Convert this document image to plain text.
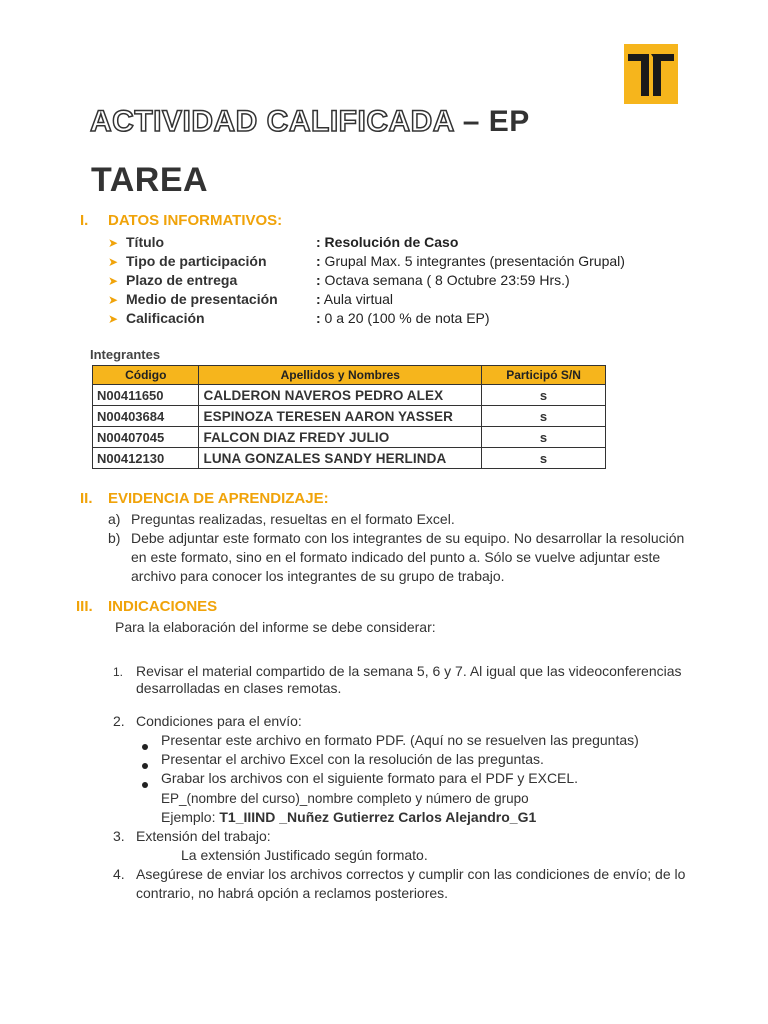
ACTIVIDAD CALIFICADA – EP
TAREA
I. DATOS INFORMATIVOS:
➤ Título	: Resolución de Caso
➤ Tipo de participación	: Grupal Max. 5 integrantes (presentación Grupal)
➤ Plazo de entrega	: Octava semana ( 8 Octubre 23:59 Hrs.)
➤ Medio de presentación	: Aula virtual
➤ Calificación	: 0 a 20 (100 % de nota EP)
Integrantes
Código	Apellidos y Nombres	Participó S/N
N00411650	CALDERON NAVEROS PEDRO ALEX	s
N00403684	ESPINOZA TERESEN AARON YASSER	s
N00407045	FALCON DIAZ FREDY JULIO	s
N00412130	LUNA GONZALES SANDY HERLINDA	s
II. EVIDENCIA DE APRENDIZAJE:
a) Preguntas realizadas, resueltas en el formato Excel.
b) Debe adjuntar este formato con los integrantes de su equipo. No desarrollar la resolución
en este formato, sino en el formato indicado del punto a. Sólo se vuelve adjuntar este
archivo para conocer los integrantes de su grupo de trabajo.
III. INDICACIONES
Para la elaboración del informe se debe considerar:
1. Revisar el material compartido de la semana 5, 6 y 7. Al igual que las videoconferencias
desarrolladas en clases remotas.
2. Condiciones para el envío:
Presentar este archivo en formato PDF. (Aquí no se resuelven las preguntas)
Presentar el archivo Excel con la resolución de las preguntas.
Grabar los archivos con el siguiente formato para el PDF y EXCEL.
EP_(nombre del curso)_nombre completo y número de grupo
Ejemplo: T1_IIIND _Nuñez Gutierrez Carlos Alejandro_G1
3. Extensión del trabajo:
La extensión Justificado según formato.
4. Asegúrese de enviar los archivos correctos y cumplir con las condiciones de envío; de lo
contrario, no habrá opción a reclamos posteriores.
